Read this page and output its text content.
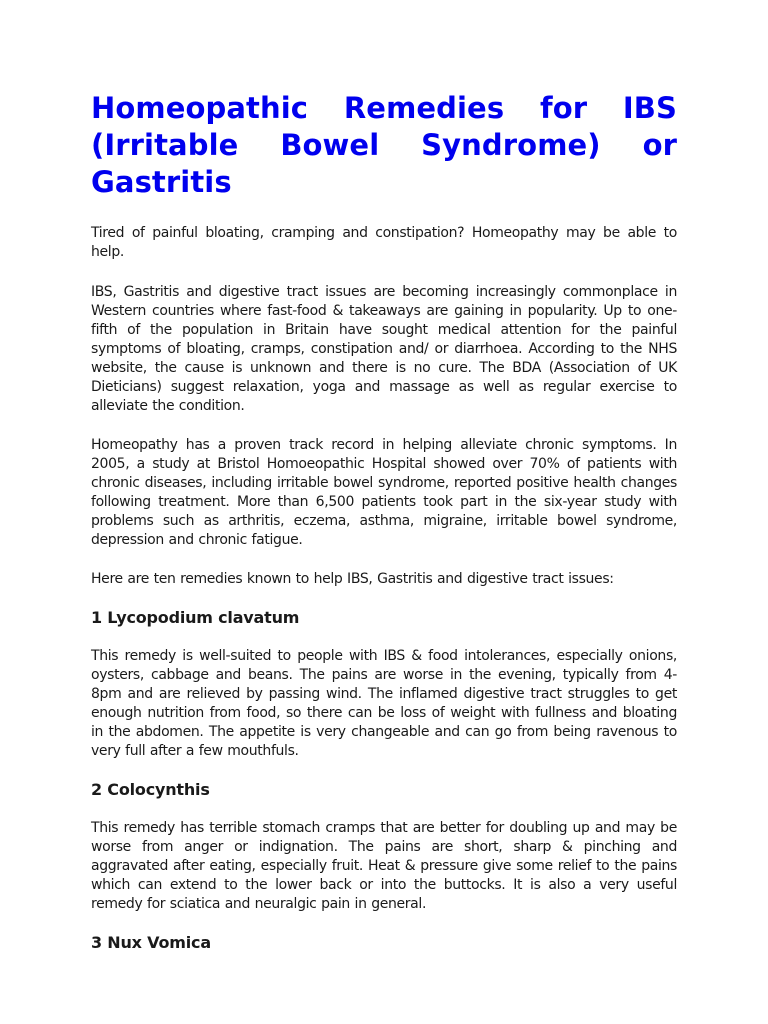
Homeopathic Remedies for IBS (Irritable Bowel Syndrome) or Gastritis

Tired of painful bloating, cramping and constipation? Homeopathy may be able to help.

IBS, Gastritis and digestive tract issues are becoming increasingly commonplace in Western countries where fast-food & takeaways are gaining in popularity. Up to one-fifth of the population in Britain have sought medical attention for the painful symptoms of bloating, cramps, constipation and/ or diarrhoea. According to the NHS website, the cause is unknown and there is no cure. The BDA (Association of UK Dieticians) suggest relaxation, yoga and massage as well as regular exercise to alleviate the condition.

Homeopathy has a proven track record in helping alleviate chronic symptoms. In 2005, a study at Bristol Homoeopathic Hospital showed over 70% of patients with chronic diseases, including irritable bowel syndrome, reported positive health changes following treatment. More than 6,500 patients took part in the six-year study with problems such as arthritis, eczema, asthma, migraine, irritable bowel syndrome, depression and chronic fatigue.

Here are ten remedies known to help IBS, Gastritis and digestive tract issues:

1 Lycopodium clavatum

This remedy is well-suited to people with IBS & food intolerances, especially onions, oysters, cabbage and beans. The pains are worse in the evening, typically from 4- 8pm and are relieved by passing wind. The inflamed digestive tract struggles to get enough nutrition from food, so there can be loss of weight with fullness and bloating in the abdomen. The appetite is very changeable and can go from being ravenous to very full after a few mouthfuls.

2 Colocynthis

This remedy has terrible stomach cramps that are better for doubling up and may be worse from anger or indignation. The pains are short, sharp & pinching and aggravated after eating, especially fruit. Heat & pressure give some relief to the pains which can extend to the lower back or into the buttocks. It is also a very useful remedy for sciatica and neuralgic pain in general.

3 Nux Vomica
